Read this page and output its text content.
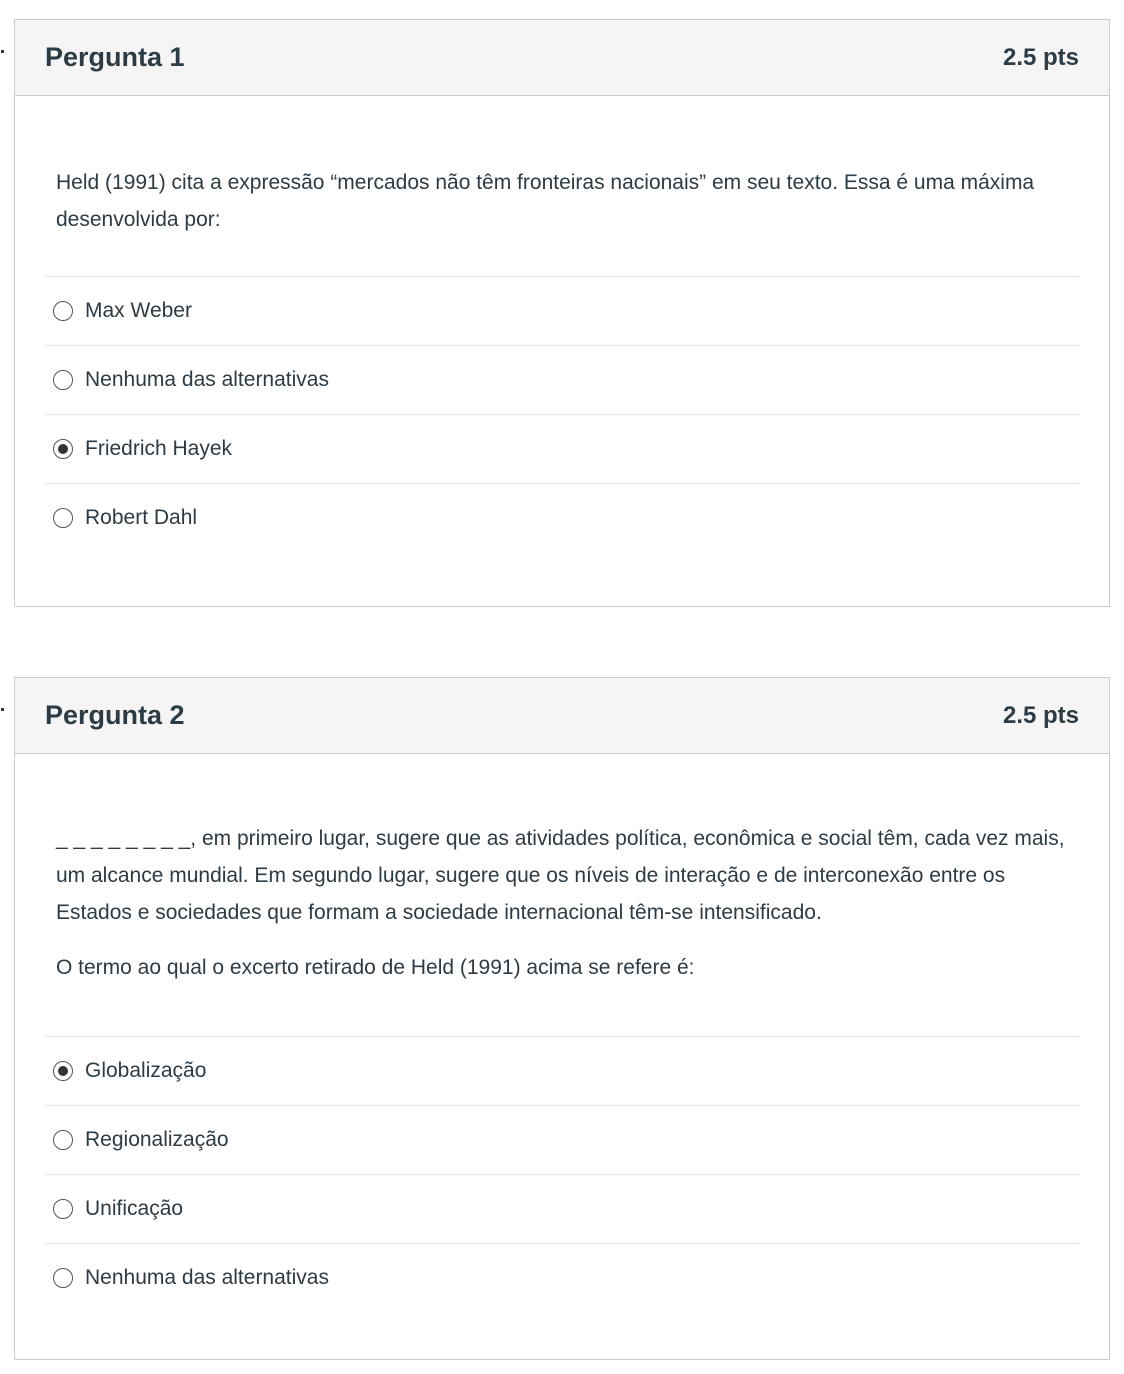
Pergunta 1	2.5 pts

Held (1991) cita a expressão “mercados não têm fronteiras nacionais” em seu texto. Essa é uma máxima desenvolvida por:

Max Weber
Nenhuma das alternativas
Friedrich Hayek
Robert Dahl
Pergunta 2	2.5 pts

_ _ _ _ _ _ _ _, em primeiro lugar, sugere que as atividades política, econômica e social têm, cada vez mais, um alcance mundial. Em segundo lugar, sugere que os níveis de interação e de interconexão entre os Estados e sociedades que formam a sociedade internacional têm-se intensificado.

O termo ao qual o excerto retirado de Held (1991) acima se refere é:

Globalização
Regionalização
Unificação
Nenhuma das alternativas
